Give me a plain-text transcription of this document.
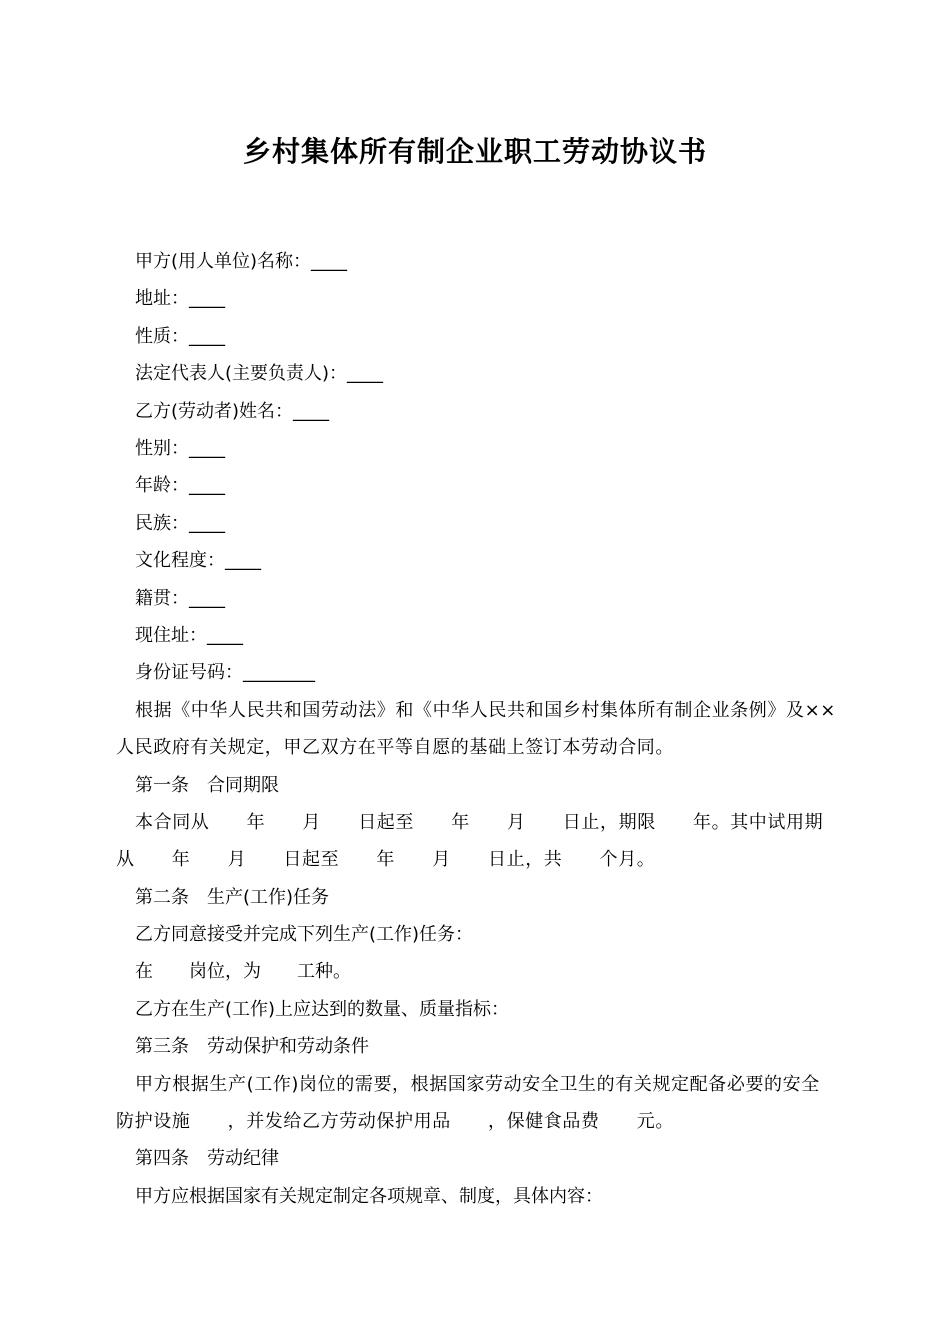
乡村集体所有制企业职工劳动协议书
甲方(用人单位)名称：____
地址：____
性质：____
法定代表人(主要负责人)：____
乙方(劳动者)姓名：____
性别：____
年龄：____
民族：____
文化程度：____
籍贯：____
现住址：____
身份证号码：________
根据《中华人民共和国劳动法》和《中华人民共和国乡村集体所有制企业条例》及××人民政府有关规定，甲乙双方在平等自愿的基础上签订本劳动合同。
第一条　合同期限
本合同从　　年　　月　　日起至　　年　　月　　日止，期限　　年。其中试用期从　　年　　月　　日起至　　年　　月　　日止，共　　个月。
第二条　生产(工作)任务
乙方同意接受并完成下列生产(工作)任务：
在　　岗位，为　　工种。
乙方在生产(工作)上应达到的数量、质量指标：
第三条　劳动保护和劳动条件
甲方根据生产(工作)岗位的需要，根据国家劳动安全卫生的有关规定配备必要的安全防护设施　　，并发给乙方劳动保护用品　　，保健食品费　　元。
第四条　劳动纪律
甲方应根据国家有关规定制定各项规章、制度，具体内容：
